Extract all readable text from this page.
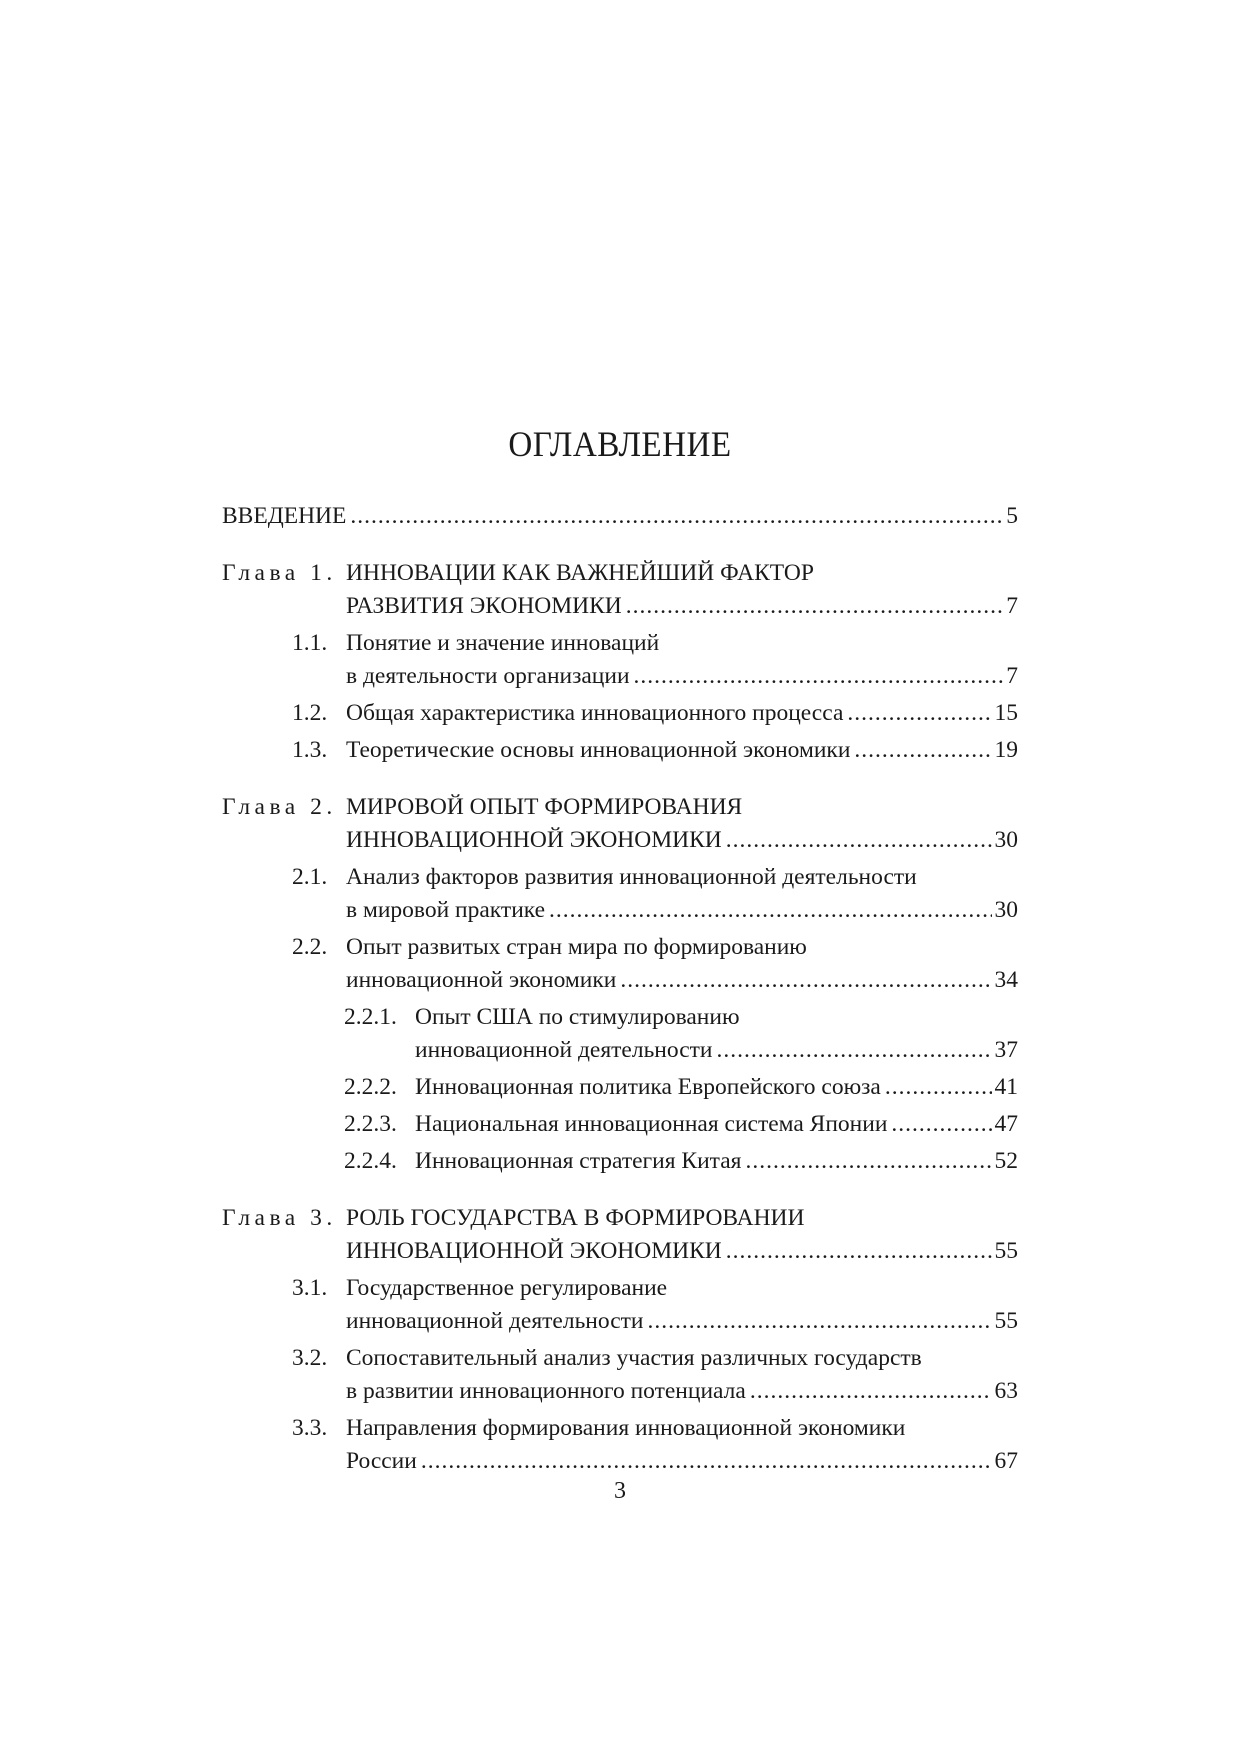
ОГЛАВЛЕНИЕ
ВВЕДЕНИЕ .....	5
Глава 1. ИННОВАЦИИ КАК ВАЖНЕЙШИЙ ФАКТОР
РАЗВИТИЯ ЭКОНОМИКИ .....	7
1.1. Понятие и значение инноваций
в деятельности организации .....	7
1.2. Общая характеристика инновационного процесса .....	15
1.3. Теоретические основы инновационной экономики .....	19
Глава 2. МИРОВОЙ ОПЫТ ФОРМИРОВАНИЯ
ИННОВАЦИОННОЙ ЭКОНОМИКИ .....	30
2.1. Анализ факторов развития инновационной деятельности
в мировой практике .....	30
2.2. Опыт развитых стран мира по формированию
инновационной экономики .....	34
2.2.1. Опыт США по стимулированию
инновационной деятельности .....	37
2.2.2. Инновационная политика Европейского союза .....	41
2.2.3. Национальная инновационная система Японии .....	47
2.2.4. Инновационная стратегия Китая .....	52
Глава 3. РОЛЬ ГОСУДАРСТВА В ФОРМИРОВАНИИ
ИННОВАЦИОННОЙ ЭКОНОМИКИ .....	55
3.1. Государственное регулирование
инновационной деятельности .....	55
3.2. Сопоставительный анализ участия различных государств
в развитии инновационного потенциала .....	63
3.3. Направления формирования инновационной экономики
России .....	67
3
